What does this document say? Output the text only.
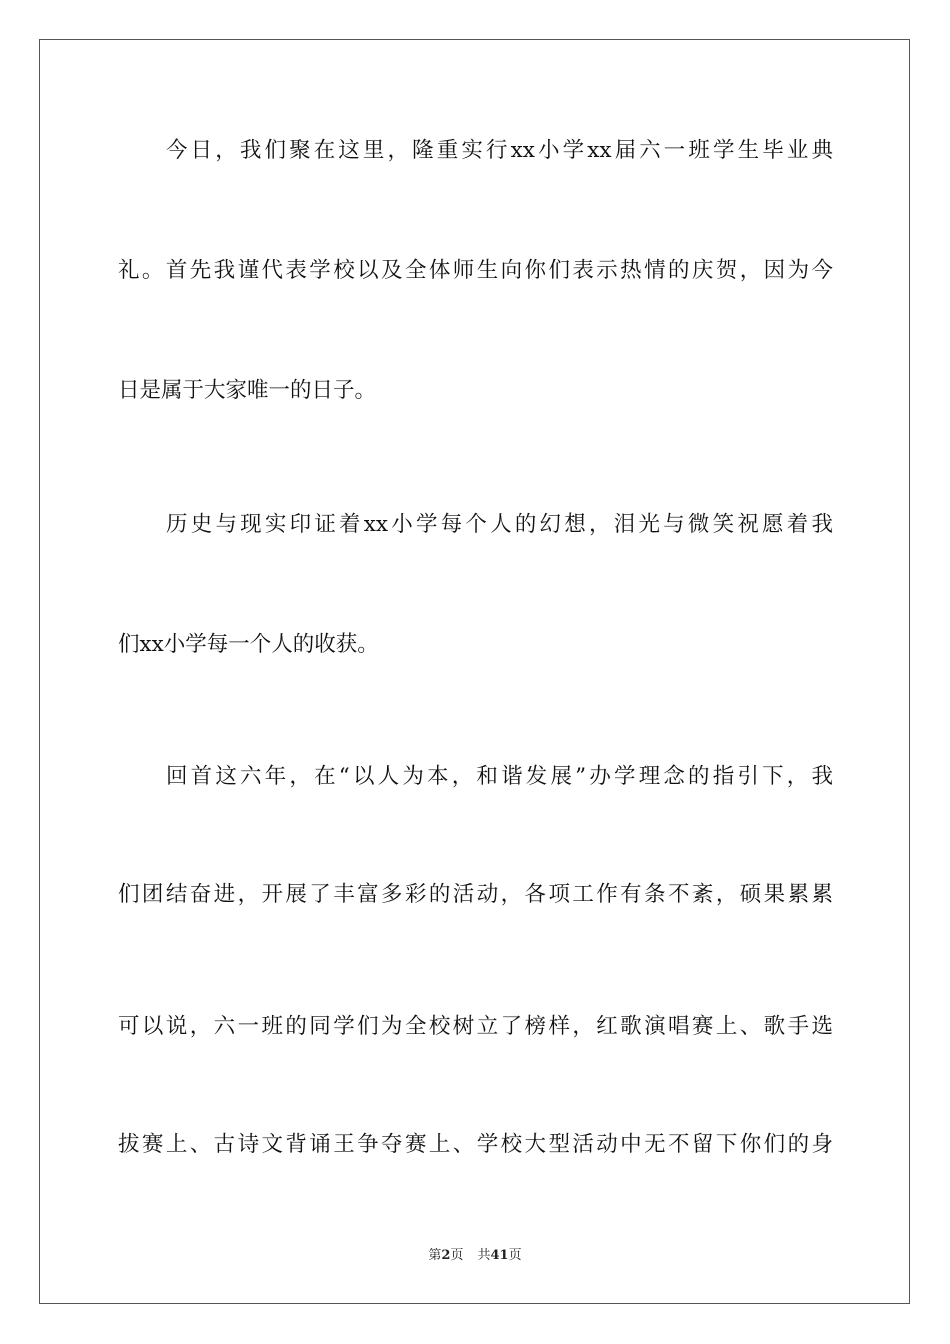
今日，我们聚在这里，隆重实行xx小学xx届六一班学生毕业典
礼。首先我谨代表学校以及全体师生向你们表示热情的庆贺，因为今
日是属于大家唯一的日子。
历史与现实印证着xx小学每个人的幻想，泪光与微笑祝愿着我
们xx小学每一个人的收获。
回首这六年，在“以人为本，和谐发展”办学理念的指引下，我
们团结奋进，开展了丰富多彩的活动，各项工作有条不紊，硕果累累
可以说，六一班的同学们为全校树立了榜样，红歌演唱赛上、歌手选
拔赛上、古诗文背诵王争夺赛上、学校大型活动中无不留下你们的身
第2页 共41页
